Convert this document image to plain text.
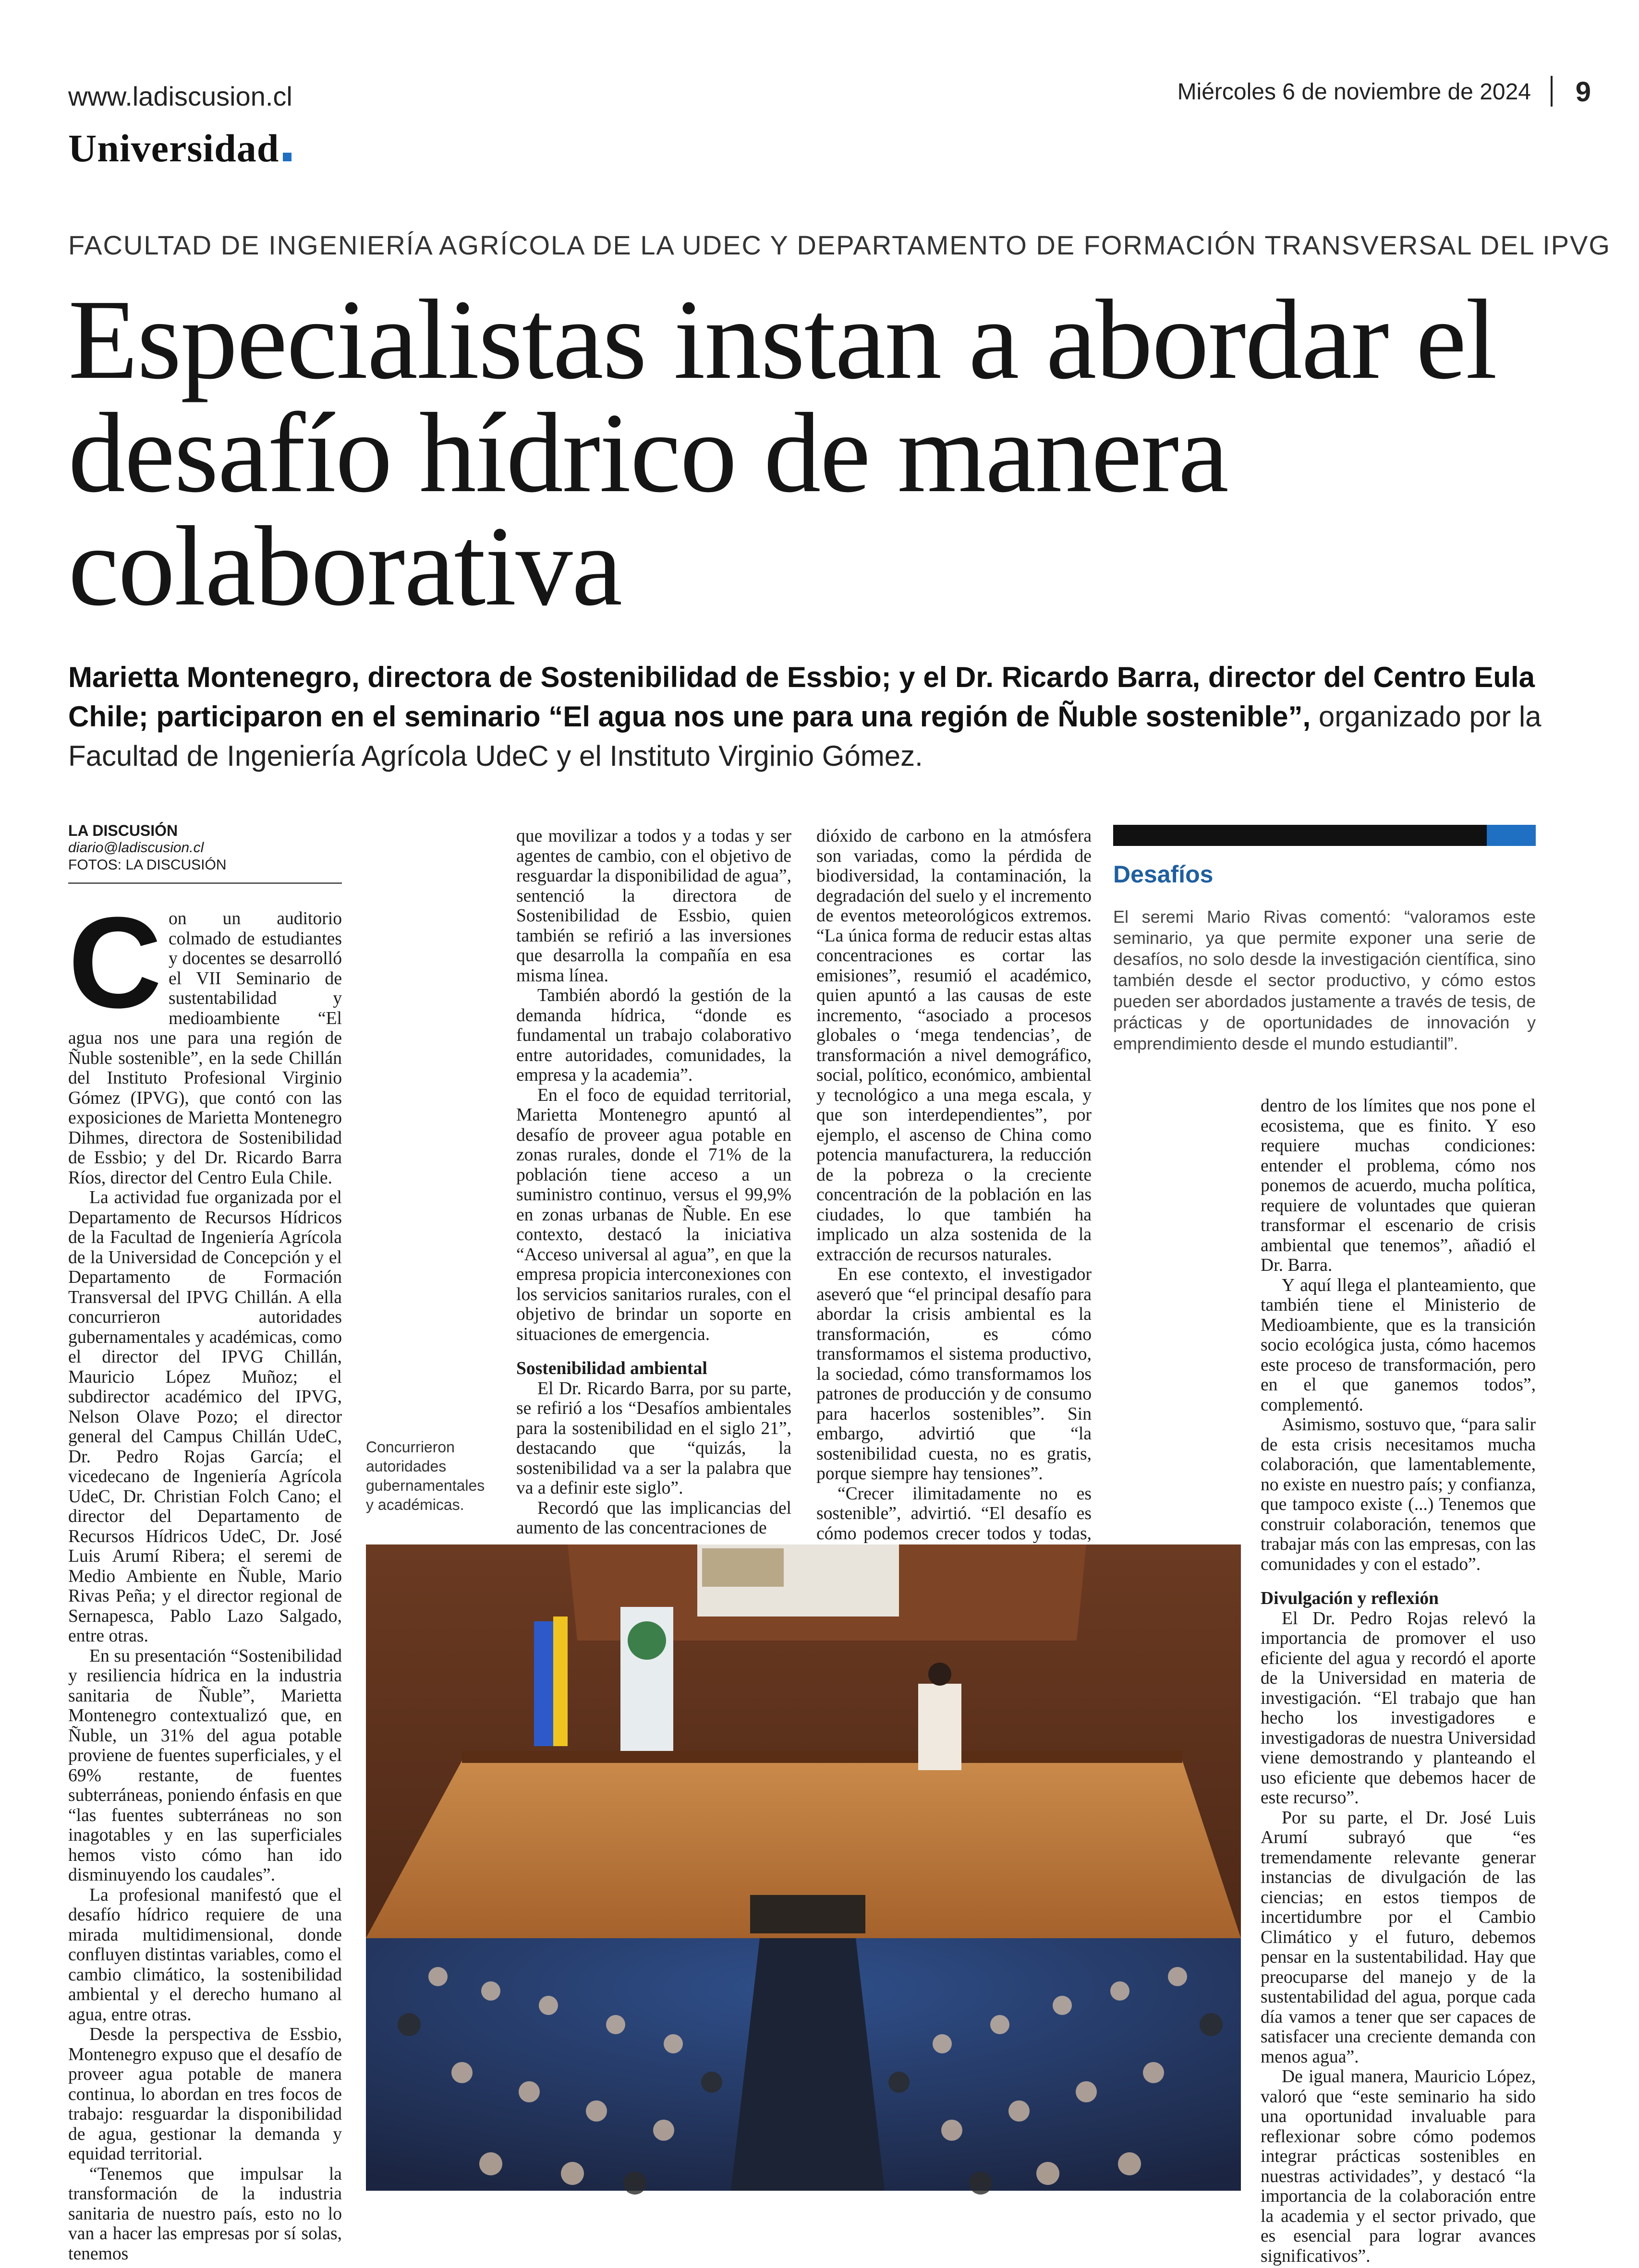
www.ladiscusion.cl	Miércoles 6 de noviembre de 2024 9
Universidad
FACULTAD DE INGENIERÍA AGRÍCOLA DE LA UDEC Y DEPARTAMENTO DE FORMACIÓN TRANSVERSAL DEL IPVG
Especialistas instan a abordar el desafío hídrico de manera colaborativa
Marietta Montenegro, directora de Sostenibilidad de Essbio; y el Dr. Ricardo Barra, director del Centro Eula Chile; participaron en el seminario “El agua nos une para una región de Ñuble sostenible”, organizado por la Facultad de Ingeniería Agrícola UdeC y el Instituto Virginio Gómez.
LA DISCUSIÓN
diario@ladiscusion.cl
FOTOS: LA DISCUSIÓN

Con un auditorio colmado de estudiantes y docentes se desarrolló el VII Seminario de sustentabilidad y medioambiente “El agua nos une para una región de Ñuble sostenible”, en la sede Chillán del Instituto Profesional Virginio Gómez (IPVG), que contó con las exposiciones de Marietta Montenegro Dihmes, directora de Sostenibilidad de Essbio; y del Dr. Ricardo Barra Ríos, director del Centro Eula Chile.

La actividad fue organizada por el Departamento de Recursos Hídricos de la Facultad de Ingeniería Agrícola de la Universidad de Concepción y el Departamento de Formación Transversal del IPVG Chillán. A ella concurrieron autoridades gubernamentales y académicas, como el director del IPVG Chillán, Mauricio López Muñoz; el subdirector académico del IPVG, Nelson Olave Pozo; el director general del Campus Chillán UdeC, Dr. Pedro Rojas García; el vicedecano de Ingeniería Agrícola UdeC, Dr. Christian Folch Cano; el director del Departamento de Recursos Hídricos UdeC, Dr. José Luis Arumí Ribera; el seremi de Medio Ambiente en Ñuble, Mario Rivas Peña; y el director regional de Sernapesca, Pablo Lazo Salgado, entre otras.

En su presentación “Sostenibilidad y resiliencia hídrica en la industria sanitaria de Ñuble”, Marietta Montenegro contextualizó que, en Ñuble, un 31% del agua potable proviene de fuentes superficiales, y el 69% restante, de fuentes subterráneas, poniendo énfasis en que “las fuentes subterráneas no son inagotables y en las superficiales hemos visto cómo han ido disminuyendo los caudales”.

La profesional manifestó que el desafío hídrico requiere de una mirada multidimensional, donde confluyen distintas variables, como el cambio climático, la sostenibilidad ambiental y el derecho humano al agua, entre otras.

Desde la perspectiva de Essbio, Montenegro expuso que el desafío de proveer agua potable de manera continua, lo abordan en tres focos de trabajo: resguardar la disponibilidad de agua, gestionar la demanda y equidad territorial.

“Tenemos que impulsar la transformación de la industria sanitaria de nuestro país, esto no lo van a hacer las empresas por sí solas, tenemos

que movilizar a todos y a todas y ser agentes de cambio, con el objetivo de resguardar la disponibilidad de agua”, sentenció la directora de Sostenibilidad de Essbio, quien también se refirió a las inversiones que desarrolla la compañía en esa misma línea.

También abordó la gestión de la demanda hídrica, “donde es fundamental un trabajo colaborativo entre autoridades, comunidades, la empresa y la academia”.

En el foco de equidad territorial, Marietta Montenegro apuntó al desafío de proveer agua potable en zonas rurales, donde el 71% de la población tiene acceso a un suministro continuo, versus el 99,9% en zonas urbanas de Ñuble. En ese contexto, destacó la iniciativa “Acceso universal al agua”, en que la empresa propicia interconexiones con los servicios sanitarios rurales, con el objetivo de brindar un soporte en situaciones de emergencia.

Sostenibilidad ambiental

El Dr. Ricardo Barra, por su parte, se refirió a los “Desafíos ambientales para la sostenibilidad en el siglo 21”, destacando que “quizás, la sostenibilidad va a ser la palabra que va a definir este siglo”.

Recordó que las implicancias del aumento de las concentraciones de

dióxido de carbono en la atmósfera son variadas, como la pérdida de biodiversidad, la contaminación, la degradación del suelo y el incremento de eventos meteorológicos extremos. “La única forma de reducir estas altas concentraciones es cortar las emisiones”, resumió el académico, quien apuntó a las causas de este incremento, “asociado a procesos globales o ‘mega tendencias’, de transformación a nivel demográfico, social, político, económico, ambiental y tecnológico a una mega escala, y que son interdependientes”, por ejemplo, el ascenso de China como potencia manufacturera, la reducción de la pobreza o la creciente concentración de la población en las ciudades, lo que también ha implicado un alza sostenida de la extracción de recursos naturales.

En ese contexto, el investigador aseveró que “el principal desafío para abordar la crisis ambiental es la transformación, es cómo transformamos el sistema productivo, la sociedad, cómo transformamos los patrones de producción y de consumo para hacerlos sostenibles”. Sin embargo, advirtió que “la sostenibilidad cuesta, no es gratis, porque siempre hay tensiones”.

“Crecer ilimitadamente no es sostenible”, advirtió. “El desafío es cómo podemos crecer todos y todas,

Desafíos
El seremi Mario Rivas comentó: “valoramos este seminario, ya que permite exponer una serie de desafíos, no solo desde la investigación científica, sino también desde el sector productivo, y cómo estos pueden ser abordados justamente a través de tesis, de prácticas y de oportunidades de innovación y emprendimiento desde el mundo estudiantil”.

dentro de los límites que nos pone el ecosistema, que es finito. Y eso requiere muchas condiciones: entender el problema, cómo nos ponemos de acuerdo, mucha política, requiere de voluntades que quieran transformar el escenario de crisis ambiental que tenemos”, añadió el Dr. Barra.

Y aquí llega el planteamiento, que también tiene el Ministerio de Medioambiente, que es la transición socio ecológica justa, cómo hacemos este proceso de transformación, pero en el que ganemos todos”, complementó.

Asimismo, sostuvo que, “para salir de esta crisis necesitamos mucha colaboración, que lamentablemente, no existe en nuestro país; y confianza, que tampoco existe (...) Tenemos que construir colaboración, tenemos que trabajar más con las empresas, con las comunidades y con el estado”.

Divulgación y reflexión

El Dr. Pedro Rojas relevó la importancia de promover el uso eficiente del agua y recordó el aporte de la Universidad en materia de investigación. “El trabajo que han hecho los investigadores e investigadoras de nuestra Universidad viene demostrando y planteando el uso eficiente que debemos hacer de este recurso”.

Por su parte, el Dr. José Luis Arumí subrayó que “es tremendamente relevante generar instancias de divulgación de las ciencias; en estos tiempos de incertidumbre por el Cambio Climático y el futuro, debemos pensar en la sustentabilidad. Hay que preocuparse del manejo y de la sustentabilidad del agua, porque cada día vamos a tener que ser capaces de satisfacer una creciente demanda con menos agua”.

De igual manera, Mauricio López, valoró que “este seminario ha sido una oportunidad invaluable para reflexionar sobre cómo podemos integrar prácticas sostenibles en nuestras actividades”, y destacó “la importancia de la colaboración entre la academia y el sector privado, que es esencial para lograr avances significativos”.

Concurrieron autoridades gubernamentales y académicas.
